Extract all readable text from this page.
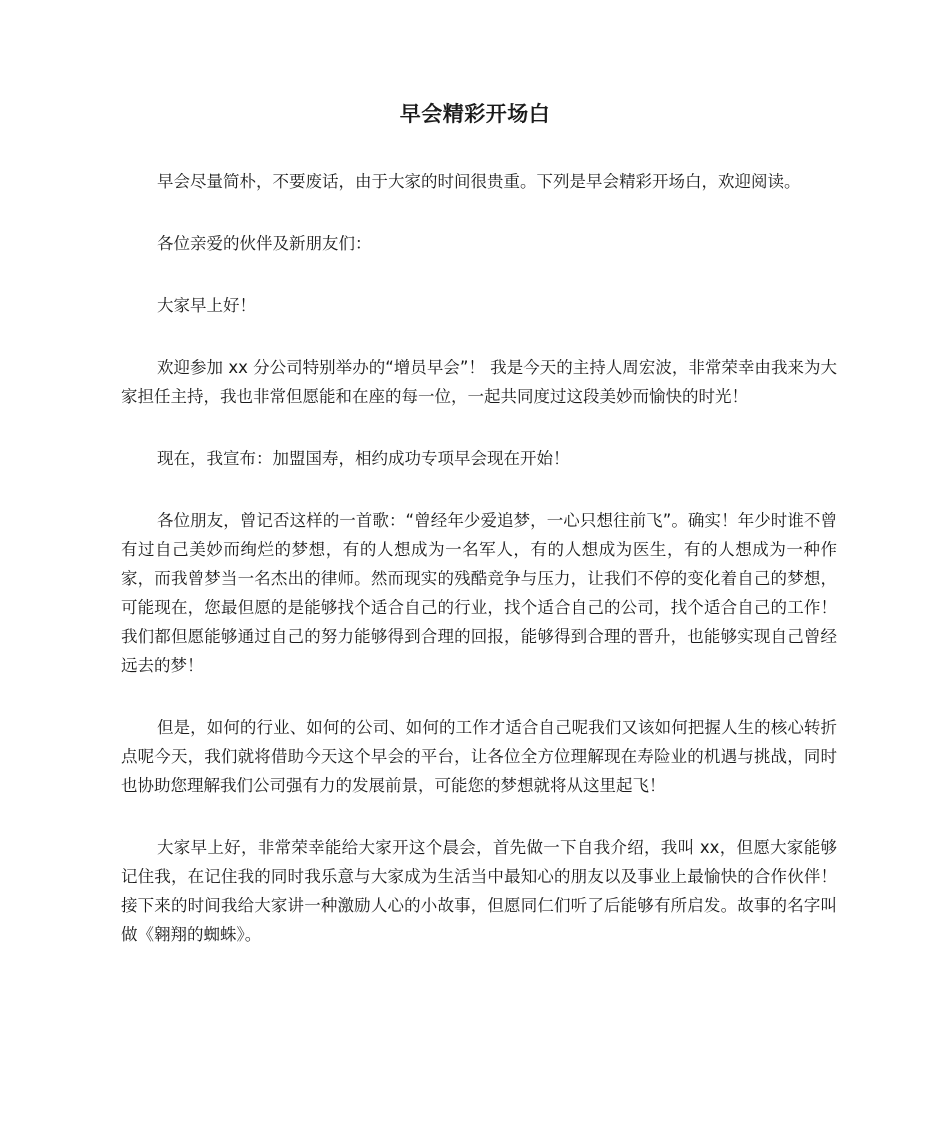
早会精彩开场白

早会尽量简朴，不要废话，由于大家的时间很贵重。下列是早会精彩开场白，欢迎阅读。

各位亲爱的伙伴及新朋友们：

大家早上好！

欢迎参加 xx 分公司特别举办的“增员早会”！ 我是今天的主持人周宏波，非常荣幸由我来为大家担任主持，我也非常但愿能和在座的每一位，一起共同度过这段美妙而愉快的时光！

现在，我宣布：加盟国寿，相约成功专项早会现在开始！

各位朋友，曾记否这样的一首歌：“曾经年少爱追梦，一心只想往前飞”。确实！年少时谁不曾有过自己美妙而绚烂的梦想，有的人想成为一名军人，有的人想成为医生，有的人想成为一种作家，而我曾梦当一名杰出的律师。然而现实的残酷竞争与压力，让我们不停的变化着自己的梦想，可能现在，您最但愿的是能够找个适合自己的行业，找个适合自己的公司，找个适合自己的工作！我们都但愿能够通过自己的努力能够得到合理的回报，能够得到合理的晋升，也能够实现自己曾经远去的梦！

但是，如何的行业、如何的公司、如何的工作才适合自己呢我们又该如何把握人生的核心转折点呢今天，我们就将借助今天这个早会的平台，让各位全方位理解现在寿险业的机遇与挑战，同时也协助您理解我们公司强有力的发展前景，可能您的梦想就将从这里起飞！

大家早上好，非常荣幸能给大家开这个晨会，首先做一下自我介绍，我叫 xx，但愿大家能够记住我，在记住我的同时我乐意与大家成为生活当中最知心的朋友以及事业上最愉快的合作伙伴！接下来的时间我给大家讲一种激励人心的小故事，但愿同仁们听了后能够有所启发。故事的名字叫做《翱翔的蜘蛛》。
